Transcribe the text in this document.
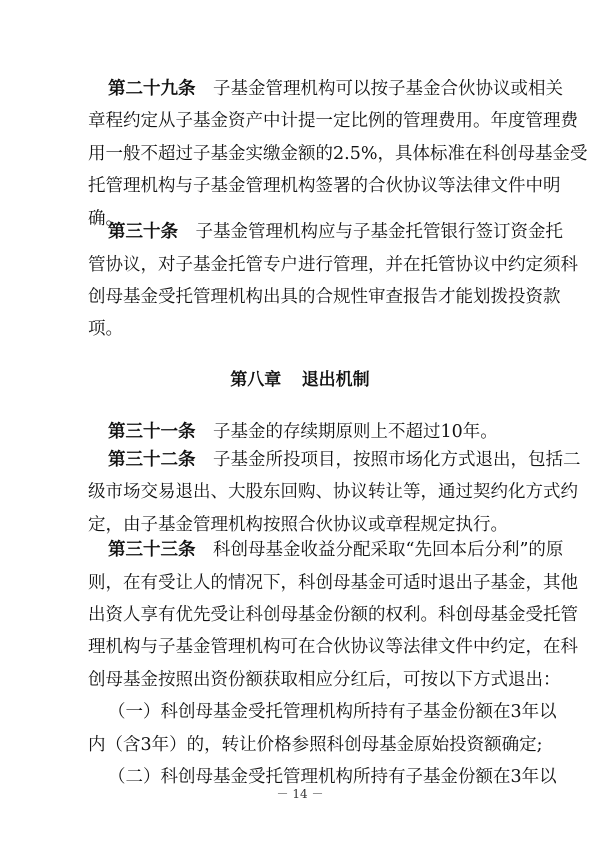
第二十九条　 子基金管理机构可以按子基金合伙协议或相关

章程约定从子基金资产中计提一定比例的管理费用。年度管理费

用一般不超过子基金实缴金额的2.5%，具体标准在科创母基金受

托管理机构与子基金管理机构签署的合伙协议等法律文件中明

确。

第三十条　 子基金管理机构应与子基金托管银行签订资金托

管协议，对子基金托管专户进行管理，并在托管协议中约定须科

创母基金受托管理机构出具的合规性审查报告才能划拨投资款

项。

第八章 退出机制

第三十一条　 子基金的存续期原则上不超过10年。

第三十二条　 子基金所投项目，按照市场化方式退出，包括二

级市场交易退出、大股东回购、协议转让等，通过契约化方式约

定，由子基金管理机构按照合伙协议或章程规定执行。

第三十三条　 科创母基金收益分配采取“先回本后分利”的原

则，在有受让人的情况下，科创母基金可适时退出子基金，其他

出资人享有优先受让科创母基金份额的权利。科创母基金受托管

理机构与子基金管理机构可在合伙协议等法律文件中约定，在科

创母基金按照出资份额获取相应分红后，可按以下方式退出：

（一）科创母基金受托管理机构所持有子基金份额在3年以

内（含3年）的，转让价格参照科创母基金原始投资额确定;

（二）科创母基金受托管理机构所持有子基金份额在3年以

－ 14 －
